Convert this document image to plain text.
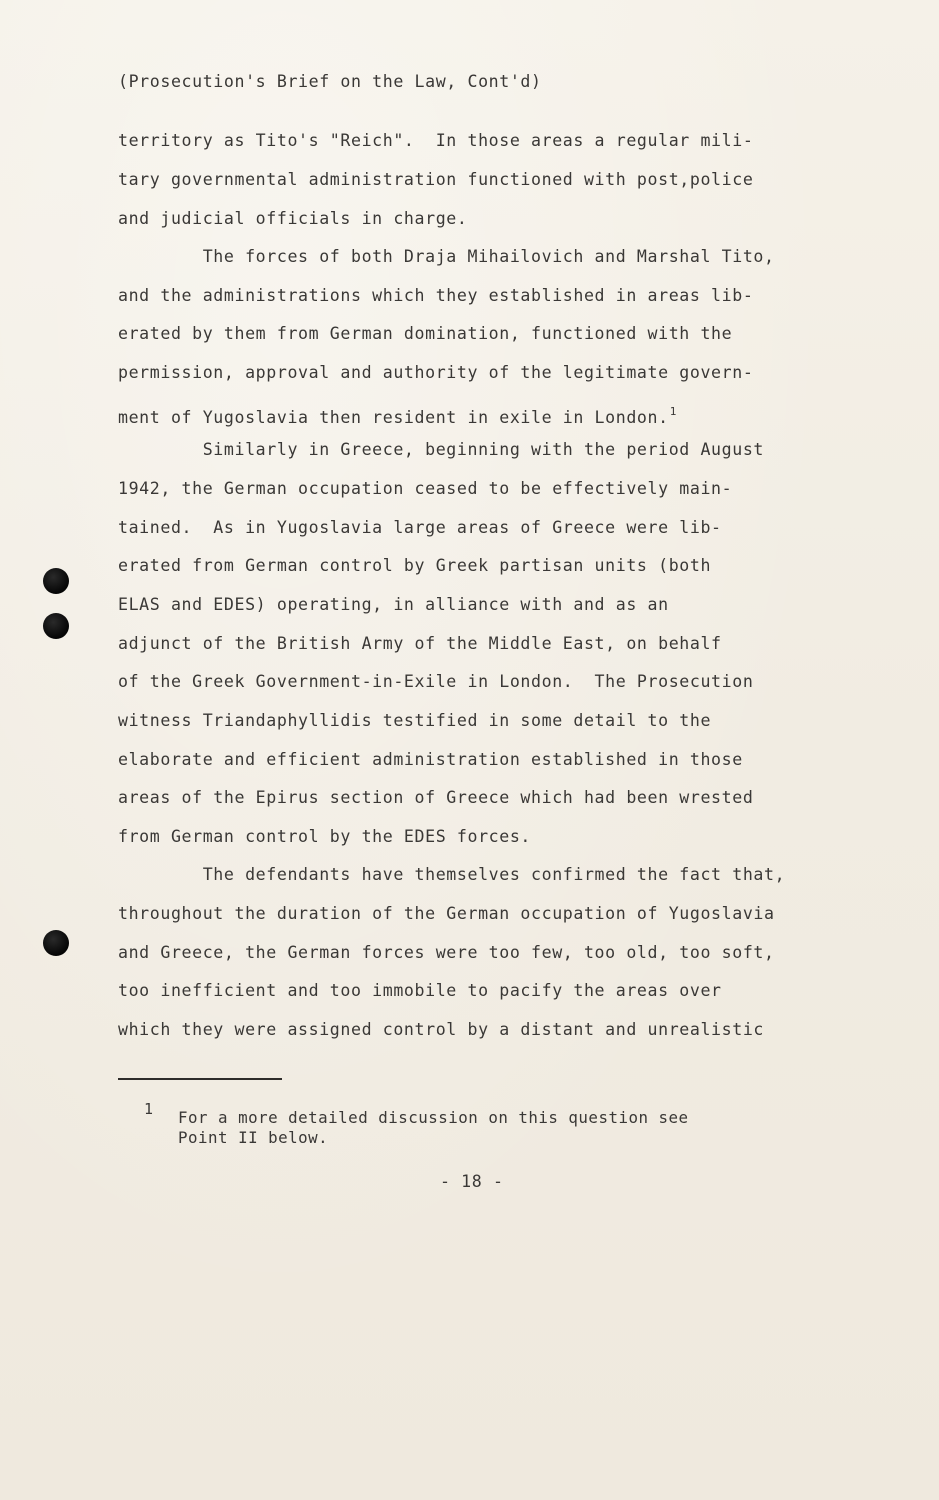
(Prosecution's Brief on the Law, Cont'd)
territory as Tito's "Reich".  In those areas a regular mili-
tary governmental administration functioned with post,police
and judicial officials in charge.
The forces of both Draja Mihailovich and Marshal Tito,
and the administrations which they established in areas lib-
erated by them from German domination, functioned with the
permission, approval and authority of the legitimate govern-
ment of Yugoslavia then resident in exile in London.$^1$
Similarly in Greece, beginning with the period August
1942, the German occupation ceased to be effectively main-
tained.  As in Yugoslavia large areas of Greece were lib-
erated from German control by Greek partisan units (both
ELAS and EDES) operating, in alliance with and as an
adjunct of the British Army of the Middle East, on behalf
of the Greek Government-in-Exile in London.  The Prosecution
witness Triandaphyllidis testified in some detail to the
elaborate and efficient administration established in those
areas of the Epirus section of Greece which had been wrested
from German control by the EDES forces.
The defendants have themselves confirmed the fact that,
throughout the duration of the German occupation of Yugoslavia
and Greece, the German forces were too few, too old, too soft,
too inefficient and too immobile to pacify the areas over
which they were assigned control by a distant and unrealistic
1 For a more detailed discussion on this question see
Point II below.
- 18 -
